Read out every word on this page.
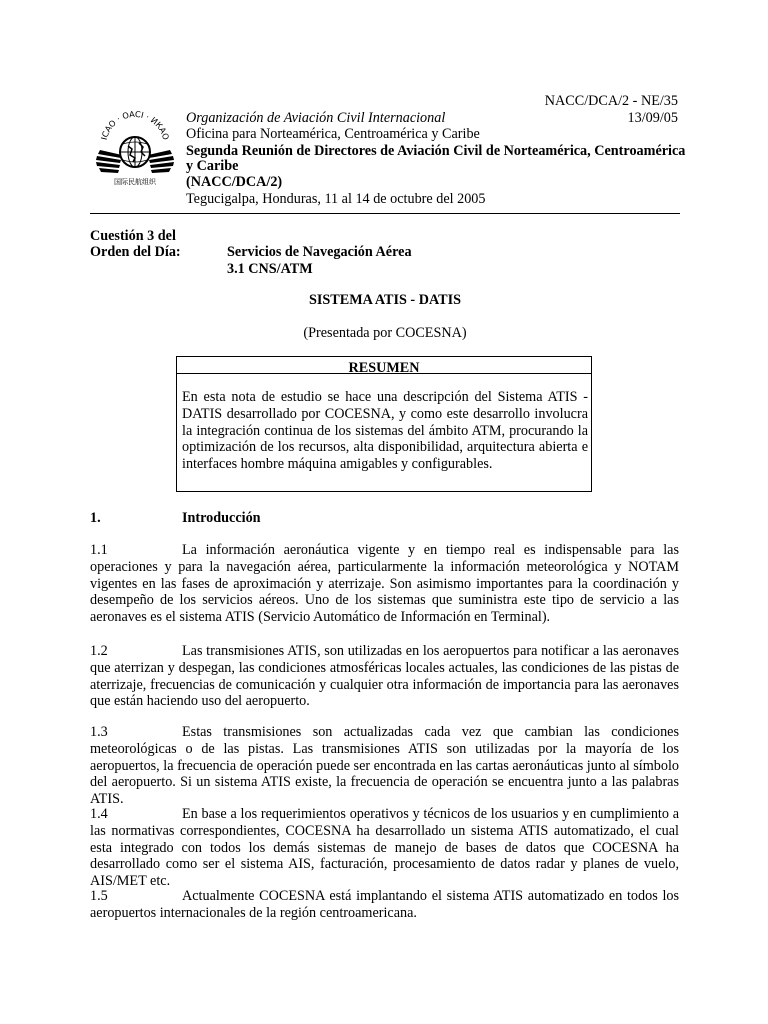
NACC/DCA/2 - NE/35
13/09/05
ICAO · OACI · ИКАО
国际民航组织
Organización de Aviación Civil Internacional
Oficina para Norteamérica, Centroamérica y Caribe
Segunda Reunión de Directores de Aviación Civil de Norteamérica, Centroamérica
y Caribe
(NACC/DCA/2)
Tegucigalpa, Honduras, 11 al 14 de octubre del 2005
Cuestión 3 del
Orden del Día:	Servicios de Navegación Aérea
3.1 CNS/ATM
SISTEMA ATIS - DATIS
(Presentada por COCESNA)
RESUMEN
En esta nota de estudio se hace una descripción del Sistema ATIS - DATIS desarrollado por COCESNA, y como este desarrollo involucra la integración continua de los sistemas del ámbito ATM, procurando la optimización de los recursos, alta disponibilidad, arquitectura abierta e interfaces hombre máquina amigables y configurables.
1.	Introducción
1.1	La información aeronáutica vigente y en tiempo real es indispensable para las operaciones y para la navegación aérea, particularmente la información meteorológica y NOTAM vigentes en las fases de aproximación y aterrizaje. Son asimismo importantes para la coordinación y desempeño de los servicios aéreos. Uno de los sistemas que suministra este tipo de servicio a las aeronaves es el sistema ATIS (Servicio Automático de Información en Terminal).
1.2	Las transmisiones ATIS, son utilizadas en los aeropuertos para notificar a las aeronaves que aterrizan y despegan, las condiciones atmosféricas locales actuales, las condiciones de las pistas de aterrizaje, frecuencias de comunicación y cualquier otra información de importancia para las aeronaves que están haciendo uso del aeropuerto.
1.3	Estas transmisiones son actualizadas cada vez que cambian las condiciones meteorológicas o de las pistas. Las transmisiones ATIS son utilizadas por la mayoría de los aeropuertos, la frecuencia de operación puede ser encontrada en las cartas aeronáuticas junto al símbolo del aeropuerto. Si un sistema ATIS existe, la frecuencia de operación se encuentra junto a las palabras ATIS.
1.4	En base a los requerimientos operativos y técnicos de los usuarios y en cumplimiento a las normativas correspondientes, COCESNA ha desarrollado un sistema ATIS automatizado, el cual esta integrado con todos los demás sistemas de manejo de bases de datos que COCESNA ha desarrollado como ser el sistema AIS, facturación, procesamiento de datos radar y planes de vuelo, AIS/MET etc.
1.5	Actualmente COCESNA está implantando el sistema ATIS automatizado en todos los aeropuertos internacionales de la región centroamericana.
